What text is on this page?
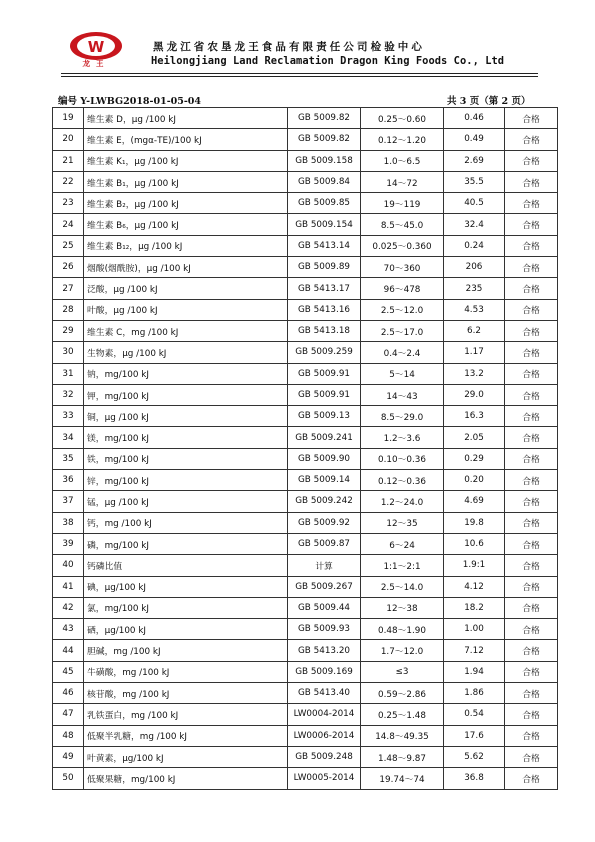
W
龙王
黑龙江省农垦龙王食品有限责任公司检验中心
Heilongjiang Land Reclamation Dragon King Foods Co., Ltd
编号 Y-LWBG2018-01-05-04	共 3 页（第 2 页）
19	维生素 D，μg /100 kJ	GB 5009.82	0.25～0.60	0.46	合格
20	维生素 E，(mgα-TE)/100 kJ	GB 5009.82	0.12～1.20	0.49	合格
21	维生素 K₁，μg /100 kJ	GB 5009.158	1.0～6.5	2.69	合格
22	维生素 B₁，μg /100 kJ	GB 5009.84	14～72	35.5	合格
23	维生素 B₂，μg /100 kJ	GB 5009.85	19～119	40.5	合格
24	维生素 B₆，μg /100 kJ	GB 5009.154	8.5～45.0	32.4	合格
25	维生素 B₁₂，μg /100 kJ	GB 5413.14	0.025～0.360	0.24	合格
26	烟酸(烟酰胺)，μg /100 kJ	GB 5009.89	70～360	206	合格
27	泛酸，μg /100 kJ	GB 5413.17	96～478	235	合格
28	叶酸，μg /100 kJ	GB 5413.16	2.5～12.0	4.53	合格
29	维生素 C，mg /100 kJ	GB 5413.18	2.5～17.0	6.2	合格
30	生物素，μg /100 kJ	GB 5009.259	0.4～2.4	1.17	合格
31	钠，mg/100 kJ	GB 5009.91	5～14	13.2	合格
32	钾，mg/100 kJ	GB 5009.91	14～43	29.0	合格
33	铜，μg /100 kJ	GB 5009.13	8.5～29.0	16.3	合格
34	镁，mg/100 kJ	GB 5009.241	1.2～3.6	2.05	合格
35	铁，mg/100 kJ	GB 5009.90	0.10～0.36	0.29	合格
36	锌，mg/100 kJ	GB 5009.14	0.12～0.36	0.20	合格
37	锰，μg /100 kJ	GB 5009.242	1.2～24.0	4.69	合格
38	钙，mg /100 kJ	GB 5009.92	12～35	19.8	合格
39	磷，mg/100 kJ	GB 5009.87	6～24	10.6	合格
40	钙磷比值	计算	1:1～2:1	1.9:1	合格
41	碘，μg/100 kJ	GB 5009.267	2.5～14.0	4.12	合格
42	氯，mg/100 kJ	GB 5009.44	12～38	18.2	合格
43	硒，μg/100 kJ	GB 5009.93	0.48～1.90	1.00	合格
44	胆碱，mg /100 kJ	GB 5413.20	1.7～12.0	7.12	合格
45	牛磺酸，mg /100 kJ	GB 5009.169	≤3	1.94	合格
46	核苷酸，mg /100 kJ	GB 5413.40	0.59～2.86	1.86	合格
47	乳铁蛋白，mg /100 kJ	LW0004-2014	0.25～1.48	0.54	合格
48	低聚半乳糖，mg /100 kJ	LW0006-2014	14.8～49.35	17.6	合格
49	叶黄素，μg/100 kJ	GB 5009.248	1.48～9.87	5.62	合格
50	低聚果糖，mg/100 kJ	LW0005-2014	19.74～74	36.8	合格
